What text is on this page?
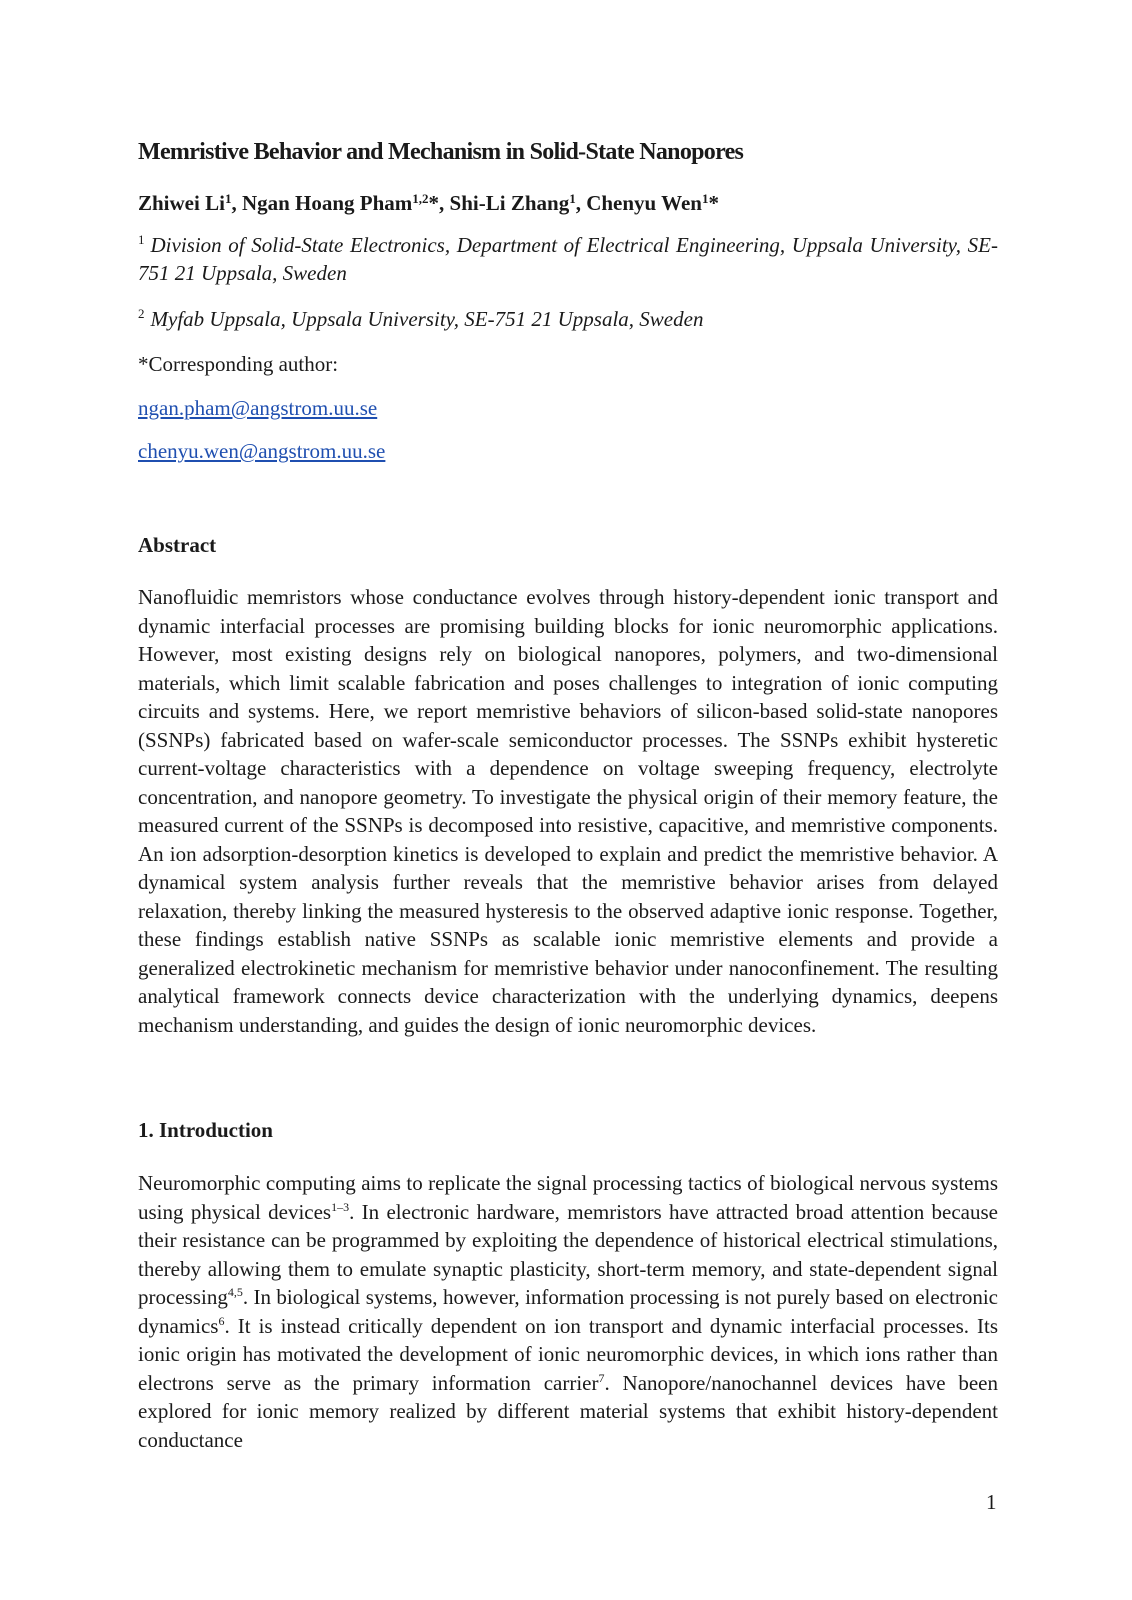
Memristive Behavior and Mechanism in Solid-State Nanopores
Zhiwei Li$^1$, Ngan Hoang Pham$^{1,2}$*, Shi-Li Zhang$^1$, Chenyu Wen$^1$*
$^1$ Division of Solid-State Electronics, Department of Electrical Engineering, Uppsala University, SE-751 21 Uppsala, Sweden
$^2$ Myfab Uppsala, Uppsala University, SE-751 21 Uppsala, Sweden
*Corresponding author:
ngan.pham@angstrom.uu.se
chenyu.wen@angstrom.uu.se
Abstract
Nanofluidic memristors whose conductance evolves through history-dependent ionic transport and dynamic interfacial processes are promising building blocks for ionic neuromorphic applications. However, most existing designs rely on biological nanopores, polymers, and two-dimensional materials, which limit scalable fabrication and poses challenges to integration of ionic computing circuits and systems. Here, we report memristive behaviors of silicon-based solid-state nanopores (SSNPs) fabricated based on wafer-scale semiconductor processes. The SSNPs exhibit hysteretic current-voltage characteristics with a dependence on voltage sweeping frequency, electrolyte concentration, and nanopore geometry. To investigate the physical origin of their memory feature, the measured current of the SSNPs is decomposed into resistive, capacitive, and memristive components. An ion adsorption-desorption kinetics is developed to explain and predict the memristive behavior. A dynamical system analysis further reveals that the memristive behavior arises from delayed relaxation, thereby linking the measured hysteresis to the observed adaptive ionic response. Together, these findings establish native SSNPs as scalable ionic memristive elements and provide a generalized electrokinetic mechanism for memristive behavior under nanoconfinement. The resulting analytical framework connects device characterization with the underlying dynamics, deepens mechanism understanding, and guides the design of ionic neuromorphic devices.
1. Introduction
Neuromorphic computing aims to replicate the signal processing tactics of biological nervous systems using physical devices$^{1-3}$. In electronic hardware, memristors have attracted broad attention because their resistance can be programmed by exploiting the dependence of historical electrical stimulations, thereby allowing them to emulate synaptic plasticity, short-term memory, and state-dependent signal processing$^{4,5}$. In biological systems, however, information processing is not purely based on electronic dynamics$^6$. It is instead critically dependent on ion transport and dynamic interfacial processes. Its ionic origin has motivated the development of ionic neuromorphic devices, in which ions rather than electrons serve as the primary information carrier$^7$. Nanopore/nanochannel devices have been explored for ionic memory realized by different material systems that exhibit history-dependent conductance
1
